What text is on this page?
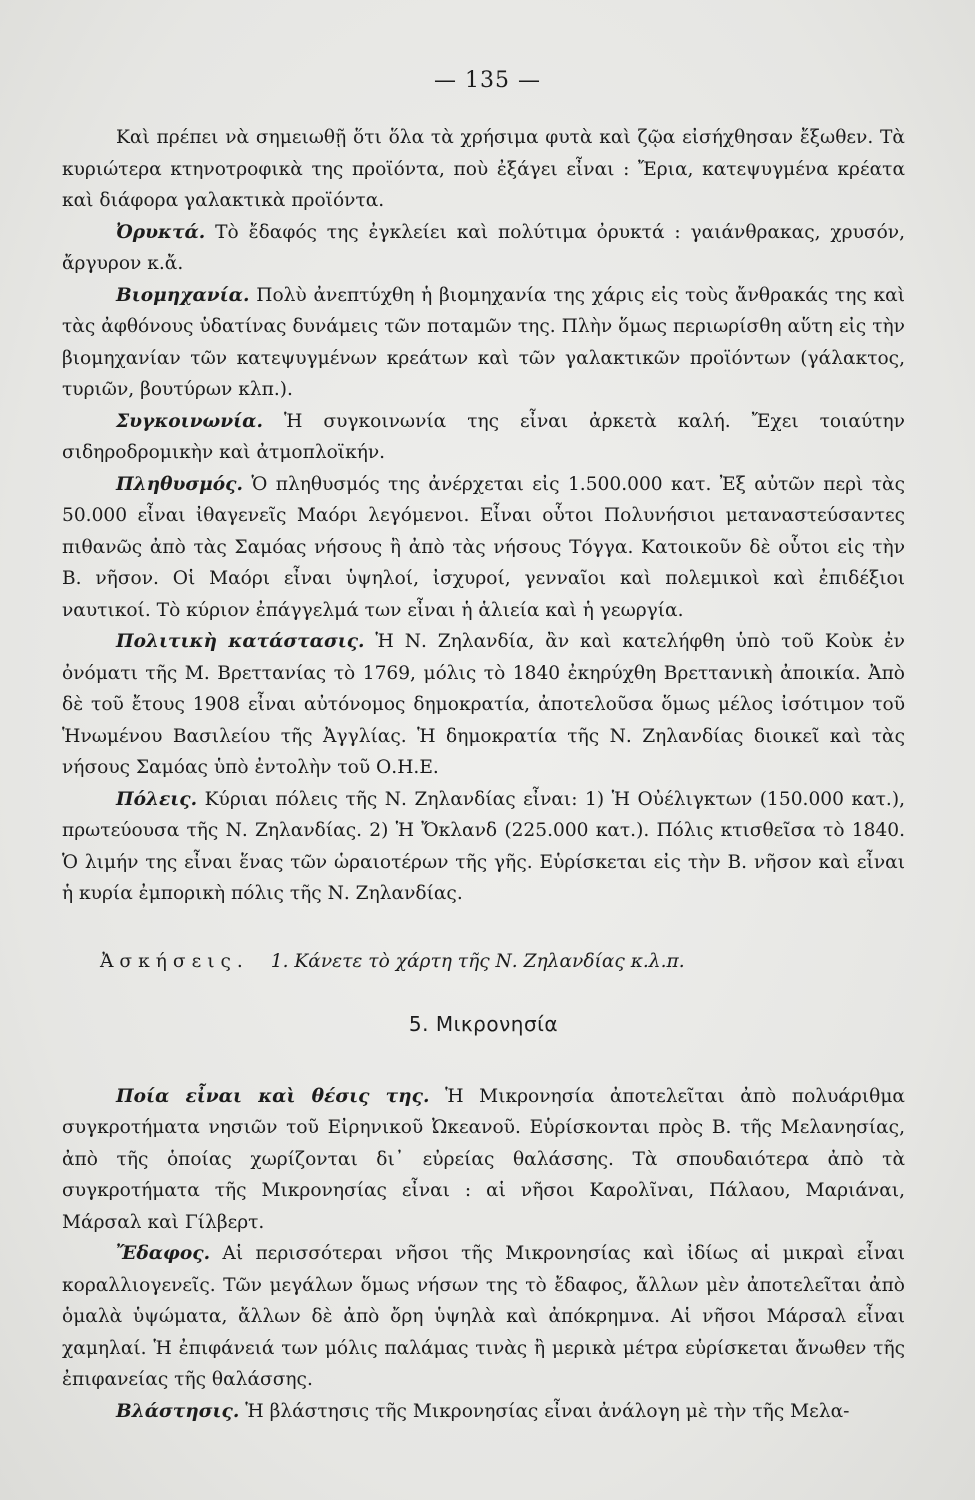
— 135 —

Καὶ πρέπει νὰ σημειωθῇ ὅτι ὅλα τὰ χρήσιμα φυτὰ καὶ ζῷα εἰσήχθησαν ἔξωθεν. Τὰ κυριώτερα κτηνοτροφικὰ της προϊόντα, ποὺ ἐξάγει εἶναι : Ἔρια, κατεψυγμένα κρέατα καὶ διάφορα γαλακτικὰ προϊόντα.

Ὀρυκτά. Τὸ ἔδαφός της ἐγκλείει καὶ πολύτιμα ὀρυκτά : γαιάνθρακας, χρυσόν, ἄργυρον κ.ἄ.

Βιομηχανία. Πολὺ ἀνεπτύχθη ἡ βιομηχανία της χάρις εἰς τοὺς ἄνθρακάς της καὶ τὰς ἀφθόνους ὑδατίνας δυνάμεις τῶν ποταμῶν της. Πλὴν ὅμως περιωρίσθη αὕτη εἰς τὴν βιομηχανίαν τῶν κατεψυγμένων κρεάτων καὶ τῶν γαλακτικῶν προϊόντων (γάλακτος, τυριῶν, βουτύρων κλπ.).

Συγκοινωνία. Ἡ συγκοινωνία της εἶναι ἀρκετὰ καλή. Ἔχει τοιαύτην σιδηροδρομικὴν καὶ ἀτμοπλοϊκήν.

Πληθυσμός. Ὁ πληθυσμός της ἀνέρχεται εἰς 1.500.000 κατ. Ἐξ αὐτῶν περὶ τὰς 50.000 εἶναι ἰθαγενεῖς Μαόρι λεγόμενοι. Εἶναι οὗτοι Πολυνήσιοι μεταναστεύσαντες πιθανῶς ἀπὸ τὰς Σαμόας νήσους ἢ ἀπὸ τὰς νήσους Τόγγα. Κατοικοῦν δὲ οὗτοι εἰς τὴν Β. νῆσον. Οἱ Μαόρι εἶναι ὑψηλοί, ἰσχυροί, γενναῖοι καὶ πολεμικοὶ καὶ ἐπιδέξιοι ναυτικοί. Τὸ κύριον ἐπάγγελμά των εἶναι ἡ ἁλιεία καὶ ἡ γεωργία.

Πολιτικὴ κατάστασις. Ἡ Ν. Ζηλανδία, ἂν καὶ κατελήφθη ὑπὸ τοῦ Κοὺκ ἐν ὀνόματι τῆς Μ. Βρεττανίας τὸ 1769, μόλις τὸ 1840 ἐκηρύχθη Βρεττανικὴ ἀποικία. Ἀπὸ δὲ τοῦ ἔτους 1908 εἶναι αὐτόνομος δημοκρατία, ἀποτελοῦσα ὅμως μέλος ἰσότιμον τοῦ Ἡνωμένου Βασιλείου τῆς Ἀγγλίας. Ἡ δημοκρατία τῆς Ν. Ζηλανδίας διοικεῖ καὶ τὰς νήσους Σαμόας ὑπὸ ἐντολὴν τοῦ Ο.Η.Ε.

Πόλεις. Κύριαι πόλεις τῆς Ν. Ζηλανδίας εἶναι: 1) Ἡ Οὐέλιγκτων (150.000 κατ.), πρωτεύουσα τῆς Ν. Ζηλανδίας. 2) Ἡ Ὄκλανδ (225.000 κατ.). Πόλις κτισθεῖσα τὸ 1840. Ὁ λιμήν της εἶναι ἕνας τῶν ὡραιοτέρων τῆς γῆς. Εὑρίσκεται εἰς τὴν Β. νῆσον καὶ εἶναι ἡ κυρία ἐμπορικὴ πόλις τῆς Ν. Ζηλανδίας.

Ἀσκήσεις. 1. Κάνετε τὸ χάρτη τῆς Ν. Ζηλανδίας κ.λ.π.
5. Μικρονησία

Ποία εἶναι καὶ θέσις της. Ἡ Μικρονησία ἀποτελεῖται ἀπὸ πολυάριθμα συγκροτήματα νησιῶν τοῦ Εἰρηνικοῦ Ὠκεανοῦ. Εὑρίσκονται πρὸς Β. τῆς Μελανησίας, ἀπὸ τῆς ὁποίας χωρίζονται δι᾽ εὐρείας θαλάσσης. Τὰ σπουδαιότερα ἀπὸ τὰ συγκροτήματα τῆς Μικρονησίας εἶναι : αἱ νῆσοι Καρολῖναι, Πάλαου, Μαριάναι, Μάρσαλ καὶ Γίλβερτ.

Ἔδαφος. Αἱ περισσότεραι νῆσοι τῆς Μικρονησίας καὶ ἰδίως αἱ μικραὶ εἶναι κοραλλιογενεῖς. Τῶν μεγάλων ὅμως νήσων της τὸ ἔδαφος, ἄλλων μὲν ἀποτελεῖται ἀπὸ ὁμαλὰ ὑψώματα, ἄλλων δὲ ἀπὸ ὄρη ὑψηλὰ καὶ ἀπόκρημνα. Αἱ νῆσοι Μάρσαλ εἶναι χαμηλαί. Ἡ ἐπιφάνειά των μόλις παλάμας τινὰς ἢ μερικὰ μέτρα εὑρίσκεται ἄνωθεν τῆς ἐπιφανείας τῆς θαλάσσης.

Βλάστησις. Ἡ βλάστησις τῆς Μικρονησίας εἶναι ἀνάλογη μὲ τὴν τῆς Μελα-
